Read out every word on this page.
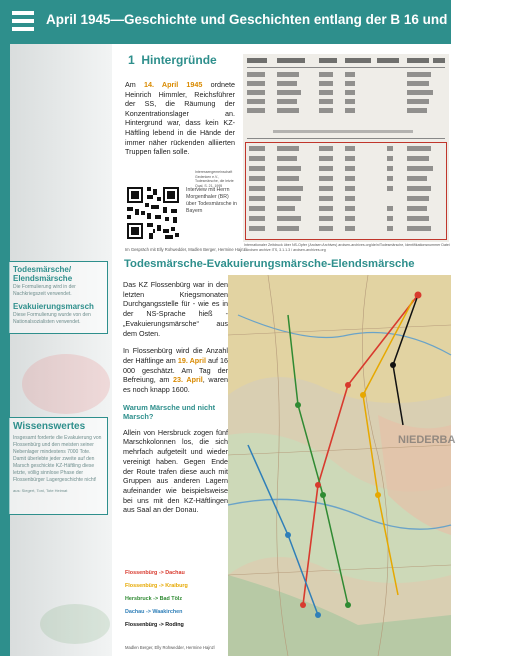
April 1945—Geschichte und Geschichten entlang der B 16 und der B 301
Todesmärsche/ Elendsmärsche

Die Formulierung wird in der Nachkriegszeit verwendet.

Evakuierungsmarsch

Diese Formulierung wurde von den Nationalsozialisten verwendet.

Wissenswertes

Insgesamt forderte die Evakuierung von Flossenbürg und den meisten seiner Nebenlager mindestens 7000 Tote. Damit überlebte jeder zweite auf den Marsch geschickte KZ-Häftling diese letzte, völlig sinnlose Phase der Flossenbürger Lagergeschichte nicht!

aus: Siegert, Toni, Tote Heimat
1 Hintergründe
Am 14. April 1945 ordnete Heinrich Himmler, Reichsführer der SS, die Räumung der Konzentrationslager an. Hintergrund war, dass kein KZ-Häftling lebend in die Hände der immer näher rückenden alliierten Truppen fallen solle.
Interessengemeinschaft Gedenken e.V., Todesmärsche, die letzte Qual, S. 21, 1995
Interview mit Herrn Morgenthaler (BR) über Todesmärsche in Bayern
Im Gespräch mit Elly Rohwedder, Madlen Berger, Hermine Hajnzi
Internationaler Zeitdruck über NS-Opfer (Arolsen Archives) arolsen-archives.org/de/n/Todesmärsche, Identifikationsnummer Datei / Arolsen archive ITS, 3.1.1.3 / arolsen-archives.org
Todesmärsche-Evakuierungsmärsche-Elendsmärsche
NIEDERBA

Das KZ Flossenbürg war in den letzten Kriegsmonaten Durchgangsstelle für - wie es in der NS-Sprache hieß - „Evakuierungsmärsche“ aus dem Osten.

In Flossenbürg wird die Anzahl der Häftlinge am 19. April auf 16 000 geschätzt. Am Tag der Befreiung, am 23. April, waren es noch knapp 1600.

Warum Märsche und nicht Marsch?

Allein von Hersbruck zogen fünf Marschkolonnen los, die sich mehrfach aufgeteilt und wieder vereinigt haben. Gegen Ende der Route trafen diese auch mit Gruppen aus anderen Lagern aufeinander wie beispielsweise bei uns mit den KZ-Häftlingen aus Saal an der Donau.

Flossenbürg -> Dachau
Flossenbürg -> Kraiburg
Hersbruck -> Bad Tölz
Dachau -> Waakirchen
Flossenbürg -> Roding
Madlen Berger, Elly Rohwedder, Hermine Hajnzl
